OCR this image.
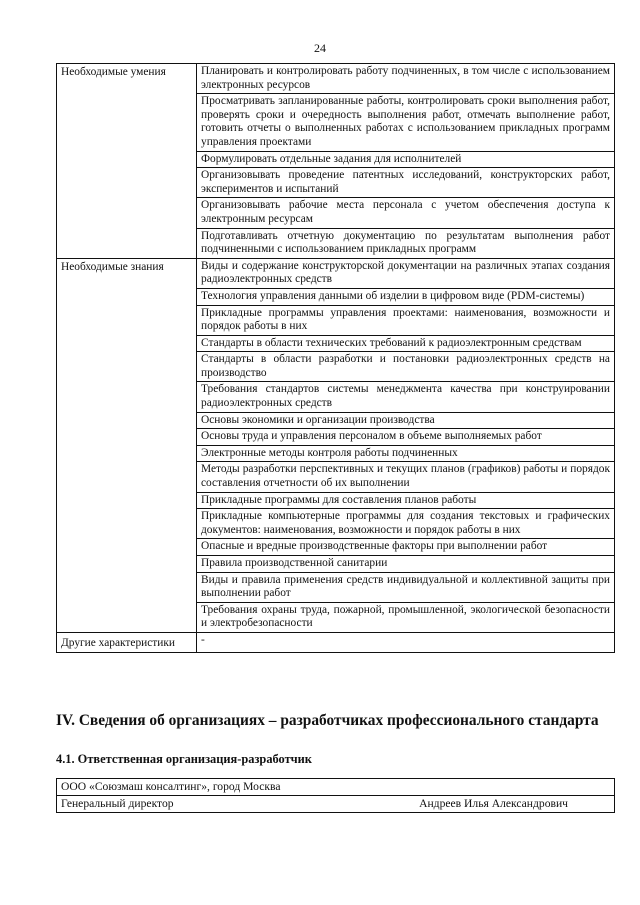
24
Необходимые умения	Планировать и контролировать работу подчиненных, в том числе с использованием электронных ресурсов
	Просматривать запланированные работы, контролировать сроки выполнения работ, проверять сроки и очередность выполнения работ, отмечать выполнение работ, готовить отчеты о выполненных работах с использованием прикладных программ управления проектами
	Формулировать отдельные задания для исполнителей
	Организовывать проведение патентных исследований, конструкторских работ, экспериментов и испытаний
	Организовывать рабочие места персонала с учетом обеспечения доступа к электронным ресурсам
	Подготавливать отчетную документацию по результатам выполнения работ подчиненными с использованием прикладных программ
Необходимые знания	Виды и содержание конструкторской документации на различных этапах создания радиоэлектронных средств
	Технология управления данными об изделии в цифровом виде (PDM-системы)
	Прикладные программы управления проектами: наименования, возможности и порядок работы в них
	Стандарты в области технических требований к радиоэлектронным средствам
	Стандарты в области разработки и постановки радиоэлектронных средств на производство
	Требования стандартов системы менеджмента качества при конструировании радиоэлектронных средств
	Основы экономики и организации производства
	Основы труда и управления персоналом в объеме выполняемых работ
	Электронные методы контроля работы подчиненных
	Методы разработки перспективных и текущих планов (графиков) работы и порядок составления отчетности об их выполнении
	Прикладные программы для составления планов работы
	Прикладные компьютерные программы для создания текстовых и графических документов: наименования, возможности и порядок работы в них
	Опасные и вредные производственные факторы при выполнении работ
	Правила производственной санитарии
	Виды и правила применения средств индивидуальной и коллективной защиты при выполнении работ
	Требования охраны труда, пожарной, промышленной, экологической безопасности и электробезопасности
Другие характеристики	-
IV. Сведения об организациях – разработчиках профессионального стандарта
4.1. Ответственная организация-разработчик
ООО «Союзмаш консалтинг», город Москва

Генеральный директор	Андреев Илья Александрович
